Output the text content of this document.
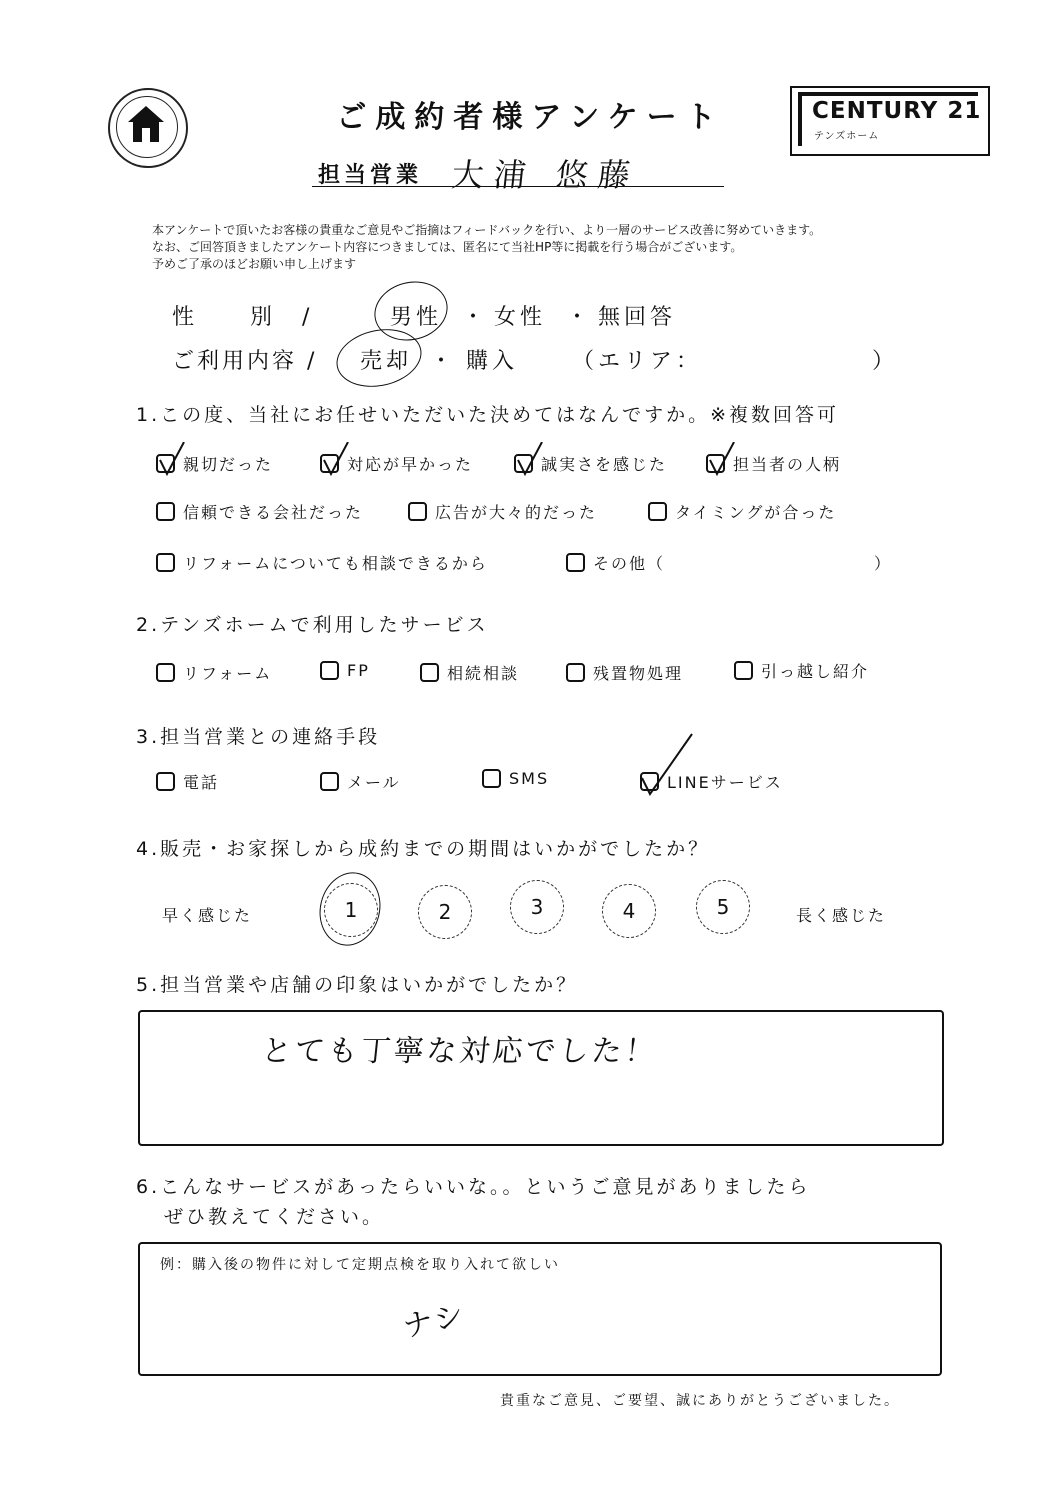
ご成約者様アンケート	CENTURY 21
テンズホーム
担当営業 大浦 悠藤
本アンケートで頂いたお客様の貴重なご意見やご指摘はフィードバックを行い、より一層のサービス改善に努めていきます。
なお、ご回答頂きましたアンケート内容につきましては、匿名にて当社HP等に掲載を行う場合がございます。
予めご了承のほどお願い申し上げます
性　　別　/	男性 ・ 女性 ・ 無回答
ご利用内容 / 売却 ・ 購入 （エリア：	）
1.この度、当社にお任せいただいた決めてはなんですか。※複数回答可
親切だった	対応が早かった	誠実さを感じた	担当者の人柄
信頼できる会社だった	広告が大々的だった	タイミングが合った
リフォームについても相談できるから	その他（	）
2.テンズホームで利用したサービス
リフォーム	FP	相続相談	残置物処理	引っ越し紹介
3.担当営業との連絡手段
電話	メール	SMS	LINEサービス
4.販売・お家探しから成約までの期間はいかがでしたか？
早く感じた	1	2	3	4	5	長く感じた
5.担当営業や店舗の印象はいかがでしたか？
とても丁寧な対応でした！
6.こんなサービスがあったらいいな。。というご意見がありましたら
ぜひ教えてください。
例：購入後の物件に対して定期点検を取り入れて欲しい
ナシ
貴重なご意見、ご要望、誠にありがとうございました。
